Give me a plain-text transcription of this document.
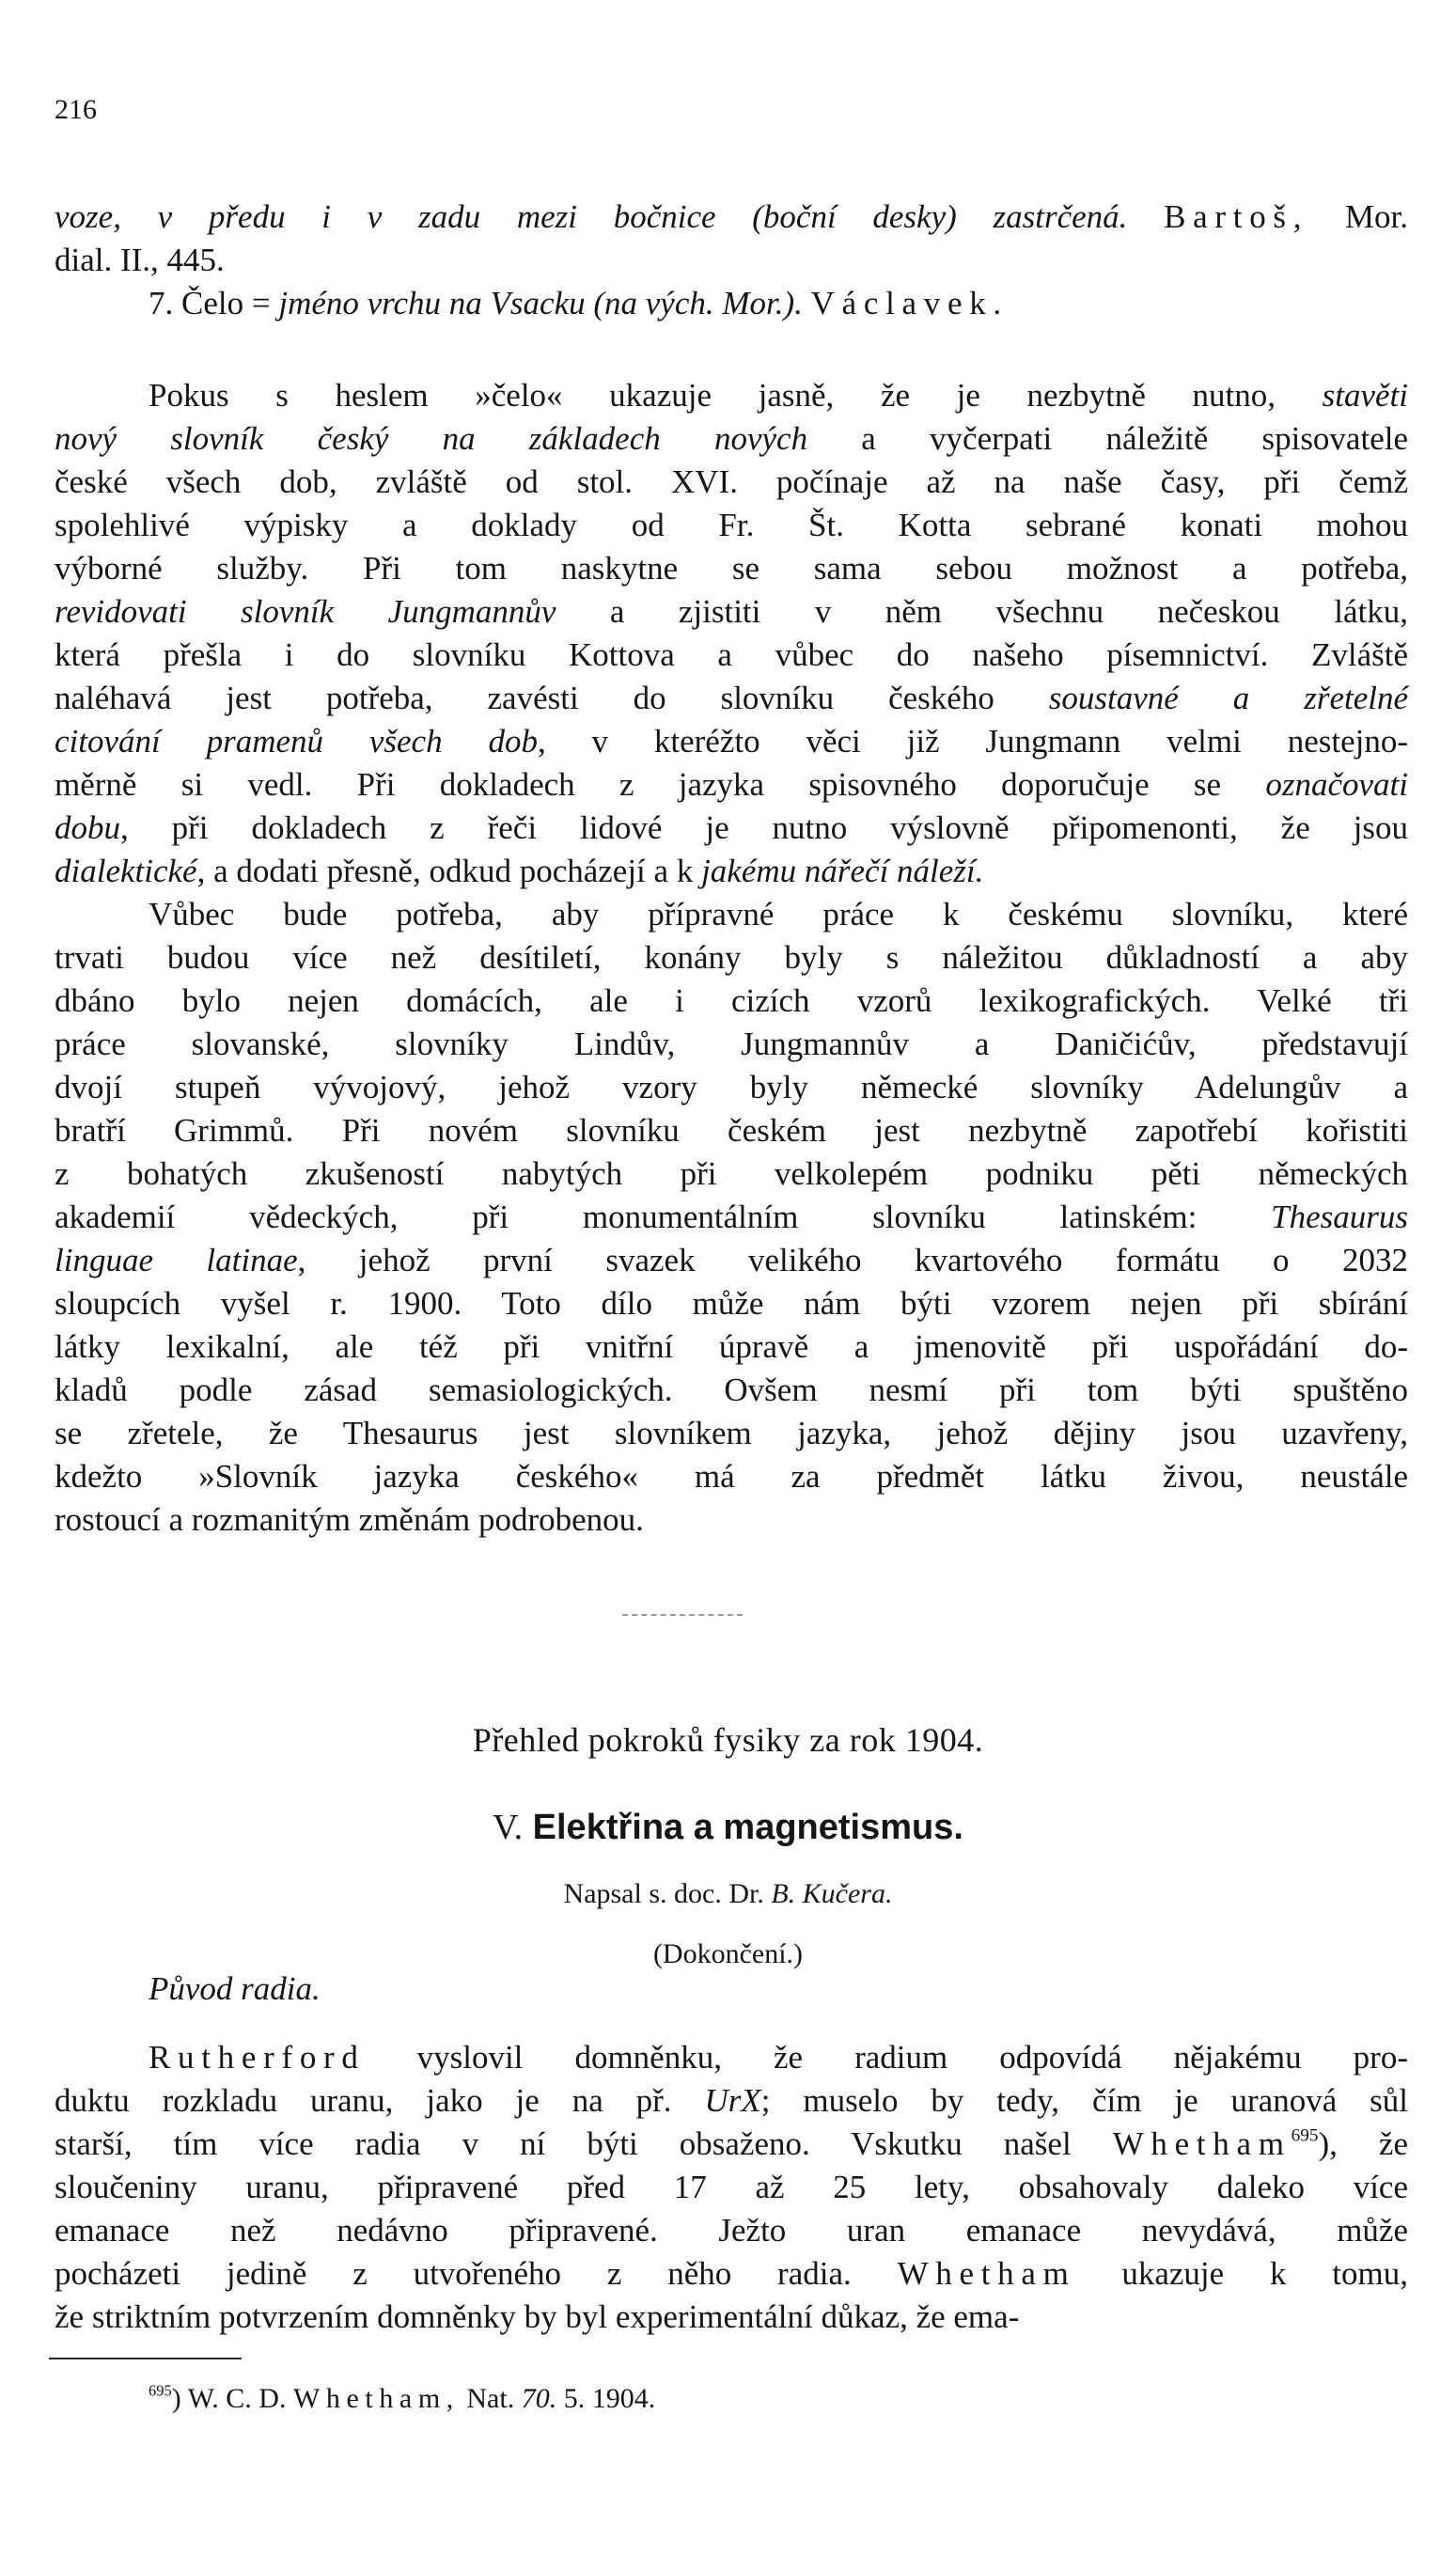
216
voze, v předu i v zadu mezi bočnice (boční desky) zastrčená. Bartoš, Mor.
dial. II., 445.
7. Čelo = jméno vrchu na Vsacku (na vých. Mor.). Václavek.
Pokus s heslem »čelo« ukazuje jasně, že je nezbytně nutno, stavěti
nový slovník český na základech nových a vyčerpati náležitě spisovatele
české všech dob, zvláště od stol. XVI. počínaje až na naše časy, při čemž
spolehlivé výpisky a doklady od Fr. Št. Kotta sebrané konati mohou
výborné služby. Při tom naskytne se sama sebou možnost a potřeba,
revidovati slovník Jungmannův a zjistiti v něm všechnu nečeskou látku,
která přešla i do slovníku Kottova a vůbec do našeho písemnictví. Zvláště
naléhavá jest potřeba, zavésti do slovníku českého soustavné a zřetelné
citování pramenů všech dob, v kteréžto věci již Jungmann velmi nestejno-
měrně si vedl. Při dokladech z jazyka spisovného doporučuje se označovati
dobu, při dokladech z řeči lidové je nutno výslovně připomenonti, že jsou
dialektické, a dodati přesně, odkud pocházejí a k jakému nářečí náleží.
Vůbec bude potřeba, aby přípravné práce k českému slovníku, které
trvati budou více než desítiletí, konány byly s náležitou důkladností a aby
dbáno bylo nejen domácích, ale i cizích vzorů lexikografických. Velké tři
práce slovanské, slovníky Lindův, Jungmannův a Daničićův, představují
dvojí stupeň vývojový, jehož vzory byly německé slovníky Adelungův a
bratří Grimmů. Při novém slovníku českém jest nezbytně zapotřebí kořistiti
z bohatých zkušeností nabytých při velkolepém podniku pěti německých
akademií vědeckých, při monumentálním slovníku latinském: Thesaurus
linguae latinae, jehož první svazek velikého kvartového formátu o 2032
sloupcích vyšel r. 1900. Toto dílo může nám býti vzorem nejen při sbírání
látky lexikalní, ale též při vnitřní úpravě a jmenovitě při uspořádání do-
kladů podle zásad semasiologických. Ovšem nesmí při tom býti spuštěno
se zřetele, že Thesaurus jest slovníkem jazyka, jehož dějiny jsou uzavřeny,
kdežto »Slovník jazyka českého« má za předmět látku živou, neustále
rostoucí a rozmanitým změnám podrobenou.
Přehled pokroků fysiky za rok 1904.
V. Elektřina a magnetismus.
Napsal s. doc. Dr. B. Kučera.
(Dokončení.)
Původ radia.
Rutherford vyslovil domněnku, že radium odpovídá nějakému pro-
duktu rozkladu uranu, jako je na př. UrX; muselo by tedy, čím je uranová sůl
starší, tím více radia v ní býti obsaženo. Vskutku našel Whetham$^{695}$), že
sloučeniny uranu, připravené před 17 až 25 lety, obsahovaly daleko více
emanace než nedávno připravené. Ježto uran emanace nevydává, může
pocházeti jedině z utvořeného z něho radia. Whetham ukazuje k tomu,
že striktním potvrzením domněnky by byl experimentální důkaz, že ema-
$^{695}$) W. C. D. Whetham, Nat. 70. 5. 1904.
